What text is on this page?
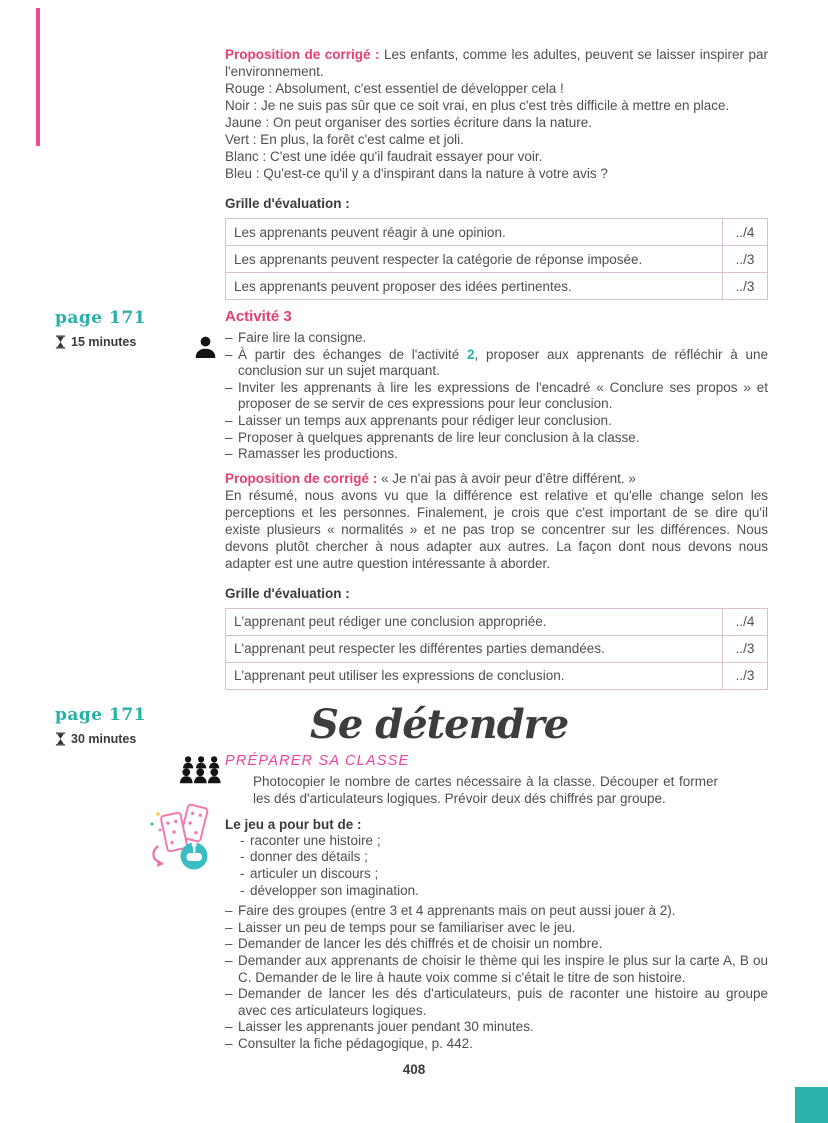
page 171
15 minutes
page 171
30 minutes

Proposition de corrigé : Les enfants, comme les adultes, peuvent se laisser inspirer par l'environnement.

Rouge : Absolument, c'est essentiel de développer cela !
Noir : Je ne suis pas sûr que ce soit vrai, en plus c'est très difficile à mettre en place.
Jaune : On peut organiser des sorties écriture dans la nature.
Vert : En plus, la forêt c'est calme et joli.
Blanc : C'est une idée qu'il faudrait essayer pour voir.
Bleu : Qu'est-ce qu'il y a d'inspirant dans la nature à votre avis ?
Grille d'évaluation :
Les apprenants peuvent réagir à une opinion.	../4
Les apprenants peuvent respecter la catégorie de réponse imposée.	../3
Les apprenants peuvent proposer des idées pertinentes.	../3
Activité 3
– Faire lire la consigne.
– À partir des échanges de l'activité 2, proposer aux apprenants de réfléchir à une conclusion sur un sujet marquant.
– Inviter les apprenants à lire les expressions de l'encadré « Conclure ses propos » et proposer de se servir de ces expressions pour leur conclusion.
– Laisser un temps aux apprenants pour rédiger leur conclusion.
– Proposer à quelques apprenants de lire leur conclusion à la classe.
– Ramasser les productions.

Proposition de corrigé : « Je n'ai pas à avoir peur d'être différent. »

En résumé, nous avons vu que la différence est relative et qu'elle change selon les perceptions et les personnes. Finalement, je crois que c'est important de se dire qu'il existe plusieurs « normalités » et ne pas trop se concentrer sur les différences. Nous devons plutôt chercher à nous adapter aux autres. La façon dont nous devons nous adapter est une autre question intéressante à aborder.
Grille d'évaluation :
L'apprenant peut rédiger une conclusion appropriée.	../4
L'apprenant peut respecter les différentes parties demandées.	../3
L'apprenant peut utiliser les expressions de conclusion.	../3
Se détendre
PRÉPARER SA CLASSE

Photocopier le nombre de cartes nécessaire à la classe. Découper et former les dés d'articulateurs logiques. Prévoir deux dés chiffrés par groupe.

Le jeu a pour but de :
- raconter une histoire ;
- donner des détails ;
- articuler un discours ;
- développer son imagination.
– Faire des groupes (entre 3 et 4 apprenants mais on peut aussi jouer à 2).
– Laisser un peu de temps pour se familiariser avec le jeu.
– Demander de lancer les dés chiffrés et de choisir un nombre.
– Demander aux apprenants de choisir le thème qui les inspire le plus sur la carte A, B ou C. Demander de le lire à haute voix comme si c'était le titre de son histoire.
– Demander de lancer les dés d'articulateurs, puis de raconter une histoire au groupe avec ces articulateurs logiques.
– Laisser les apprenants jouer pendant 30 minutes.
– Consulter la fiche pédagogique, p. 442.
408
